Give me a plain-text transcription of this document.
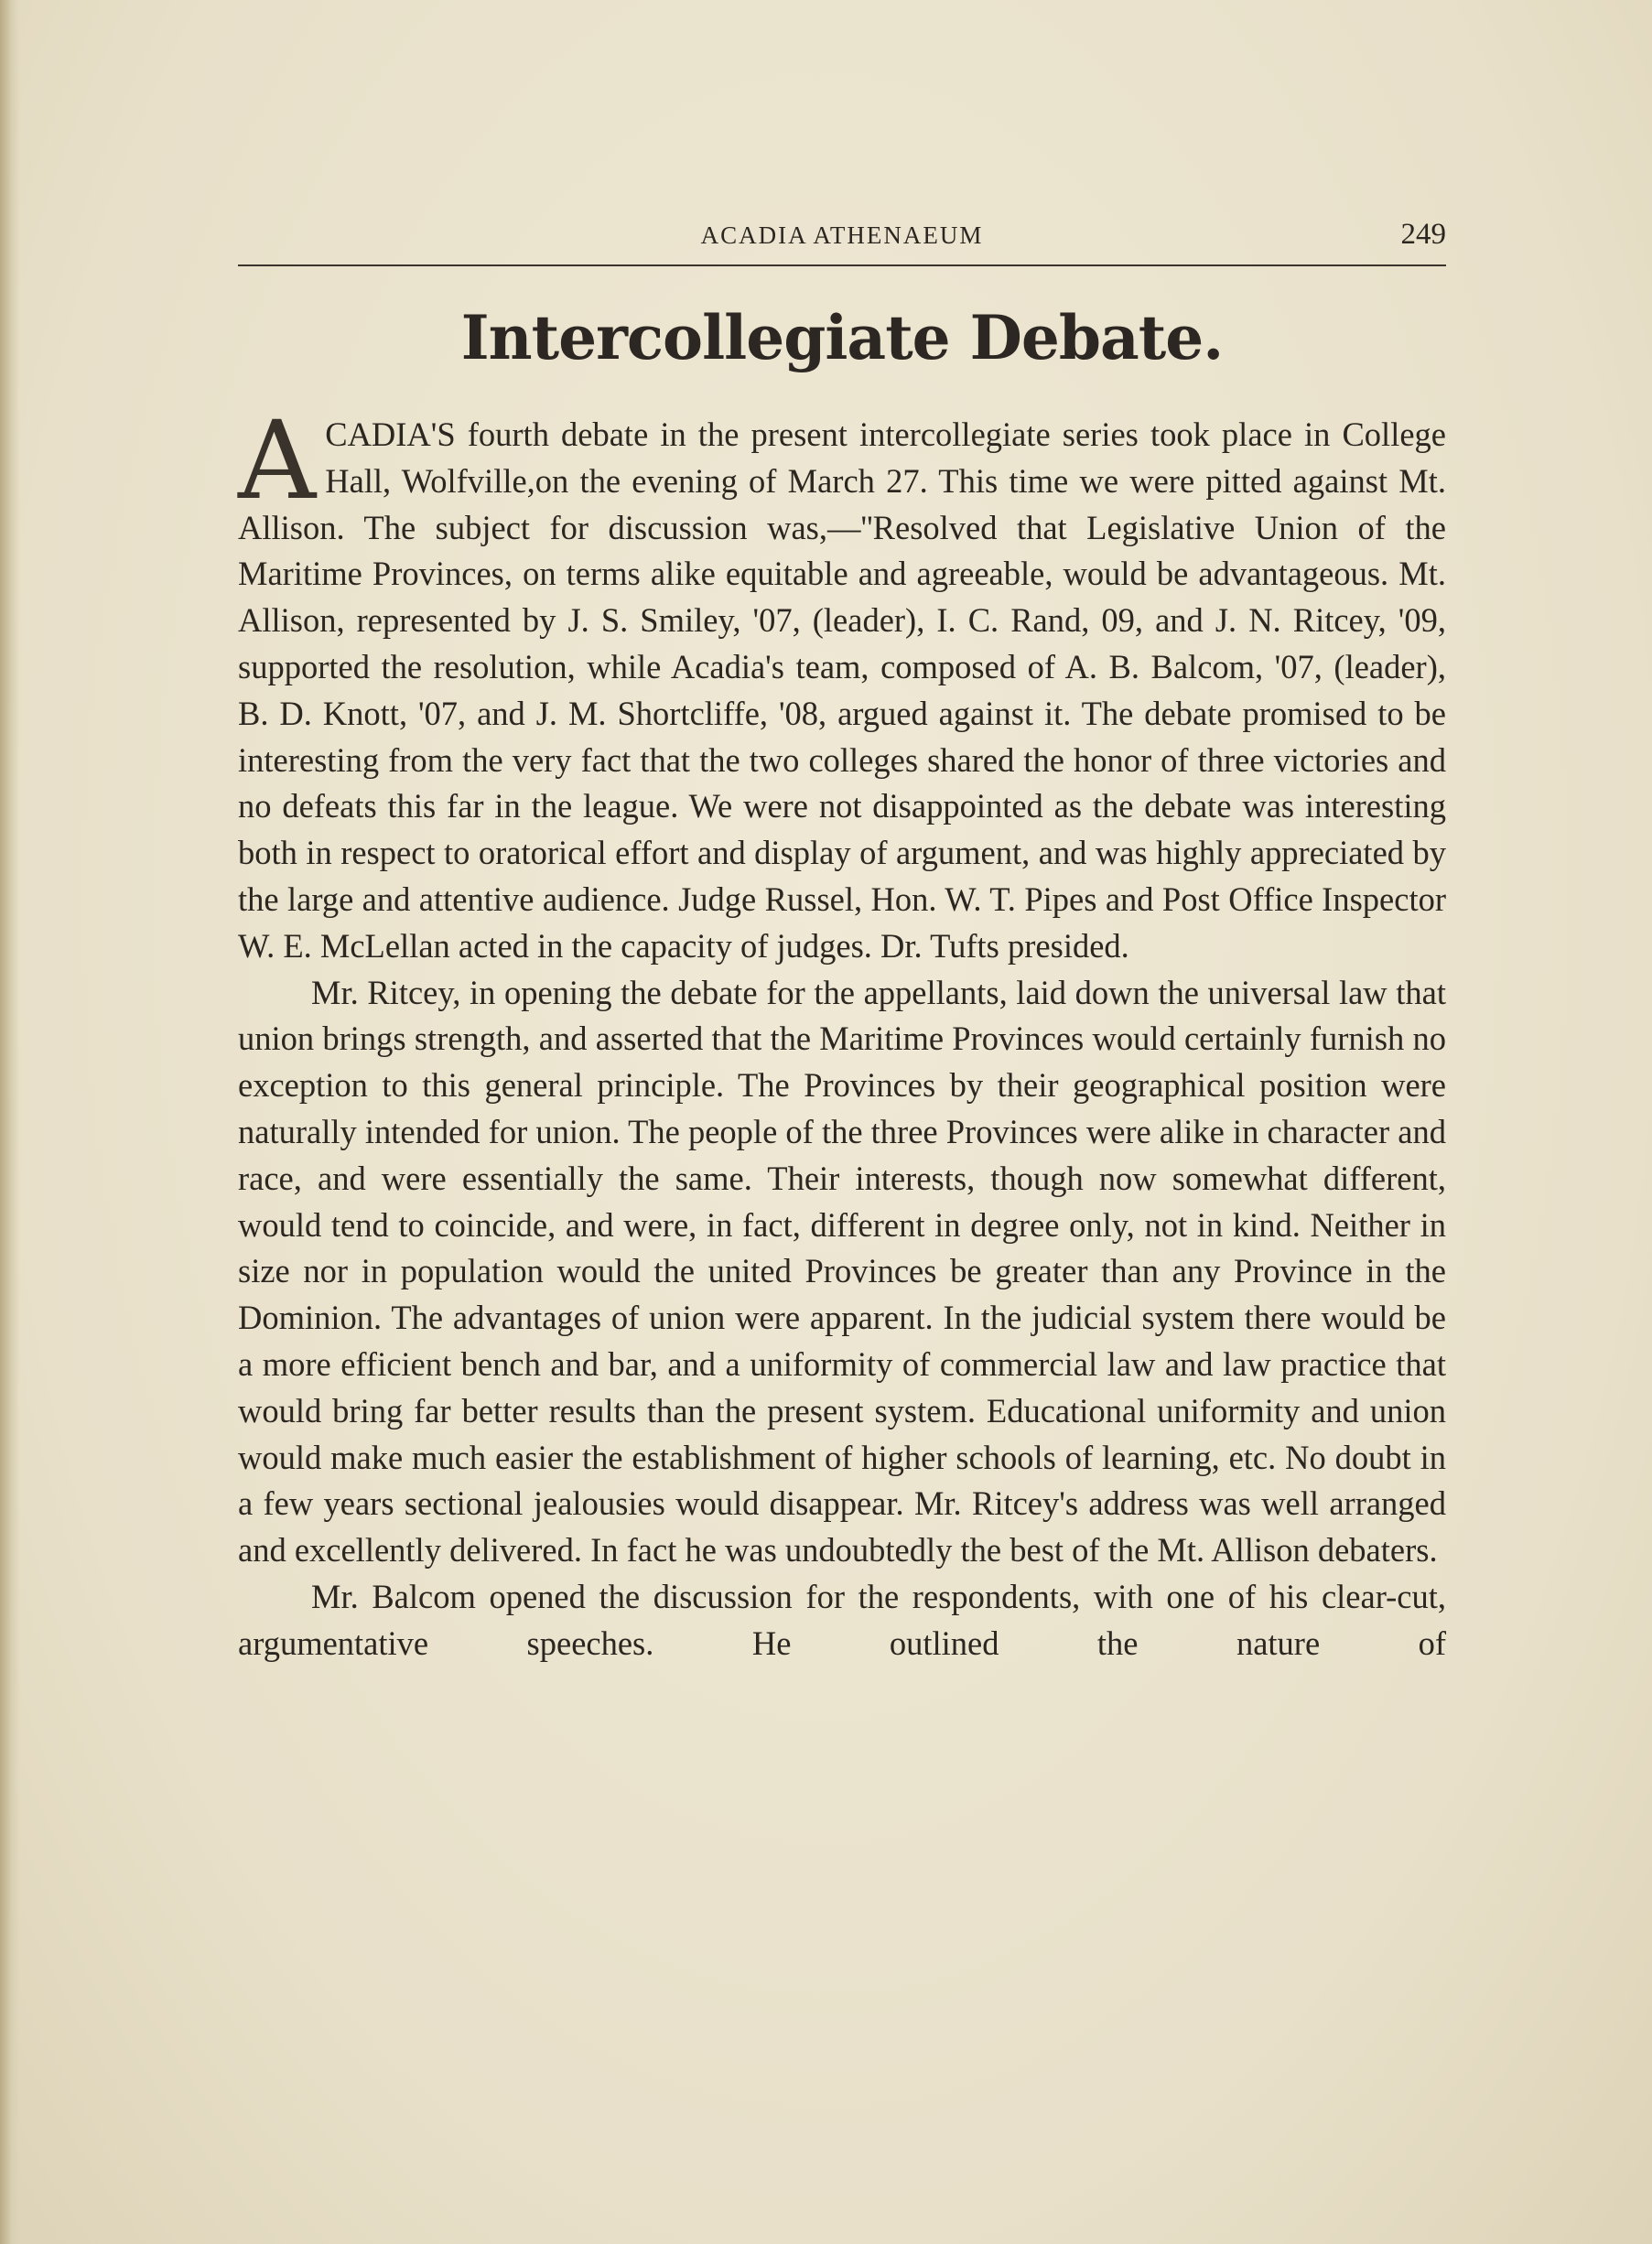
ACADIA ATHENAEUM	249
Intercollegiate Debate.

ACADIA'S fourth debate in the present intercollegiate series took place in College Hall, Wolfville,on the evening of March 27. This time we were pitted against Mt. Allison. The subject for discussion was,—''Resolved that Legislative Union of the Maritime Provinces, on terms alike equitable and agreeable, would be advantageous. Mt. Allison, represented by J. S. Smiley, '07, (leader), I. C. Rand, 09, and J. N. Ritcey, '09, supported the resolution, while Acadia's team, composed of A. B. Balcom, '07, (leader), B. D. Knott, '07, and J. M. Shortcliffe, '08, argued against it. The debate promised to be interesting from the very fact that the two colleges shared the honor of three victories and no defeats this far in the league. We were not disappointed as the debate was interesting both in respect to oratorical effort and display of argument, and was highly appreciated by the large and attentive audience. Judge Russel, Hon. W. T. Pipes and Post Office Inspector W. E. McLellan acted in the capacity of judges. Dr. Tufts presided.

Mr. Ritcey, in opening the debate for the appellants, laid down the universal law that union brings strength, and asserted that the Maritime Provinces would certainly furnish no exception to this general principle. The Provinces by their geographical position were naturally intended for union. The people of the three Provinces were alike in character and race, and were essentially the same. Their interests, though now somewhat different, would tend to coincide, and were, in fact, different in degree only, not in kind. Neither in size nor in population would the united Provinces be greater than any Province in the Dominion. The advantages of union were apparent. In the judicial system there would be a more efficient bench and bar, and a uniformity of commercial law and law practice that would bring far better results than the present system. Educational uniformity and union would make much easier the establishment of higher schools of learning, etc. No doubt in a few years sectional jealousies would disappear. Mr. Ritcey's address was well arranged and excellently delivered. In fact he was undoubtedly the best of the Mt. Allison debaters.

Mr. Balcom opened the discussion for the respondents, with one of his clear-cut, argumentative speeches. He outlined the nature of
